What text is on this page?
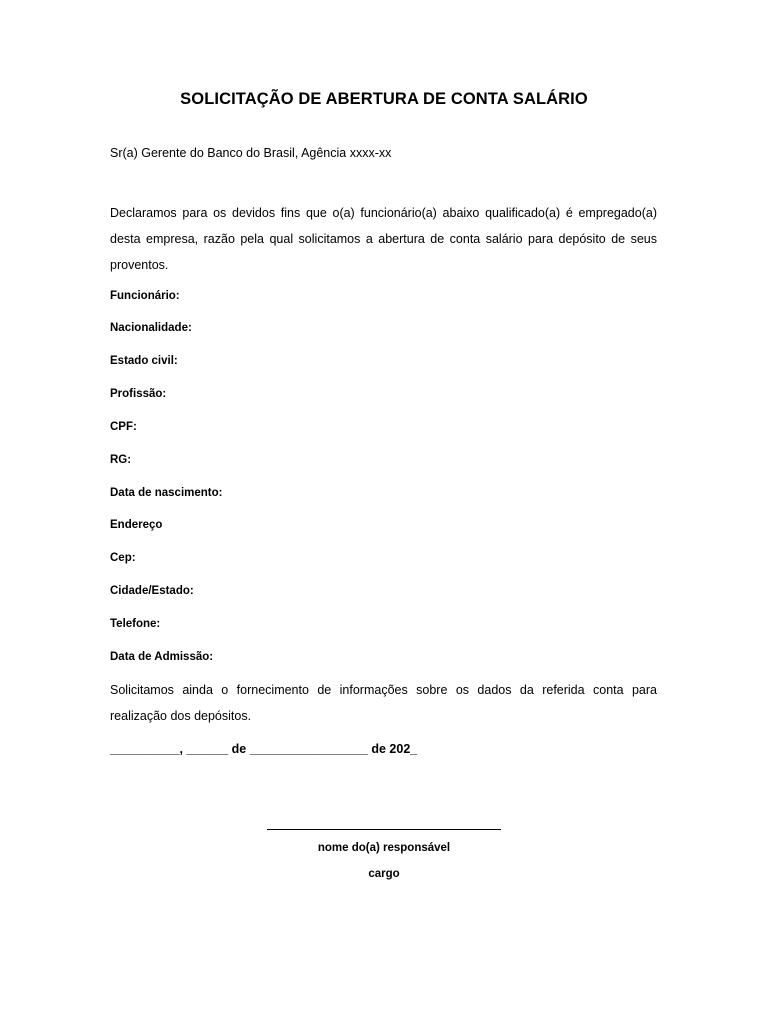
SOLICITAÇÃO DE ABERTURA DE CONTA SALÁRIO

Sr(a) Gerente do Banco do Brasil, Agência xxxx-xx

Declaramos para os devidos fins que o(a) funcionário(a) abaixo qualificado(a) é empregado(a) desta empresa, razão pela qual solicitamos a abertura de conta salário para depósito de seus proventos.

Funcionário:

Nacionalidade:

Estado civil:

Profissão:

CPF:

RG:

Data de nascimento:

Endereço

Cep:

Cidade/Estado:

Telefone:

Data de Admissão:

Solicitamos ainda o fornecimento de informações sobre os dados da referida conta para realização dos depósitos.

__________, ______ de _________________ de 202_

nome do(a) responsável

cargo
